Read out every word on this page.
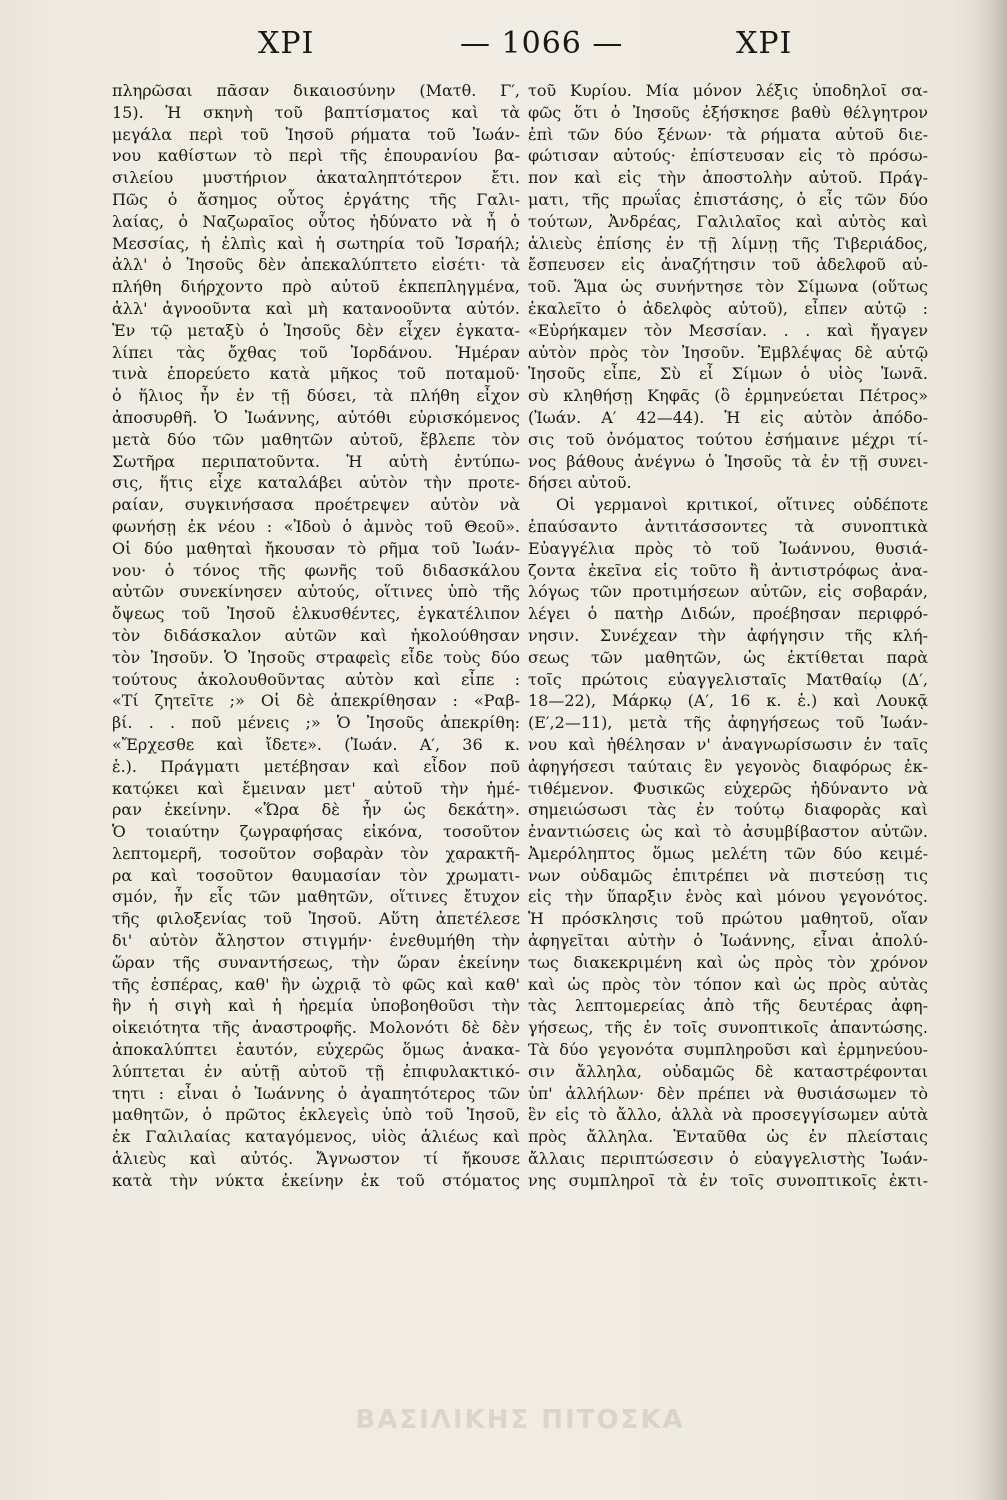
ΧΡΙ	— 1066 —	ΧΡΙ
πληρῶσαι πᾶσαν δικαιοσύνην (Ματθ. Γ′,
15). Ἡ σκηνὴ τοῦ βαπτίσματος καὶ τὰ
μεγάλα περὶ τοῦ Ἰησοῦ ρήματα τοῦ Ἰωάν-
νου καθίστων τὸ περὶ τῆς ἐπουρανίου βα-
σιλείου μυστήριον ἀκαταληπτότερον ἔτι.
Πῶς ὁ ἄσημος οὗτος ἐργάτης τῆς Γαλι-
λαίας, ὁ Ναζωραῖος οὗτος ἠδύνατο νὰ ἦ ὁ
Μεσσίας, ἡ ἐλπὶς καὶ ἡ σωτηρία τοῦ Ἰσραήλ;
ἀλλ' ὁ Ἰησοῦς δὲν ἀπεκαλύπτετο εἰσέτι· τὰ
πλήθη διήρχοντο πρὸ αὐτοῦ ἐκπεπληγμένα,
ἀλλ' ἀγνοοῦντα καὶ μὴ κατανοοῦντα αὐτόν.
Ἐν τῷ μεταξὺ ὁ Ἰησοῦς δὲν εἶχεν ἐγκατα-
λίπει τὰς ὄχθας τοῦ Ἰορδάνου. Ἡμέραν
τινὰ ἐπορεύετο κατὰ μῆκος τοῦ ποταμοῦ·
ὁ ἥλιος ἦν ἐν τῇ δύσει, τὰ πλήθη εἶχον
ἀποσυρθῆ. Ὁ Ἰωάννης, αὐτόθι εὑρισκόμενος
μετὰ δύο τῶν μαθητῶν αὐτοῦ, ἔβλεπε τὸν
Σωτῆρα περιπατοῦντα. Ἡ αὐτὴ ἐντύπω-
σις, ἥτις εἶχε καταλάβει αὐτὸν τὴν προτε-
ραίαν, συγκινήσασα προέτρεψεν αὐτὸν νὰ
φωνήσῃ ἐκ νέου : «Ἰδοὺ ὁ ἀμνὸς τοῦ Θεοῦ».
Οἱ δύο μαθηταὶ ἤκουσαν τὸ ρῆμα τοῦ Ἰωάν-
νου· ὁ τόνος τῆς φωνῆς τοῦ διδασκάλου
αὐτῶν συνεκίνησεν αὐτούς, οἵτινες ὑπὸ τῆς
ὄψεως τοῦ Ἰησοῦ ἑλκυσθέντες, ἐγκατέλιπον
τὸν διδάσκαλον αὐτῶν καὶ ἠκολούθησαν
τὸν Ἰησοῦν. Ὁ Ἰησοῦς στραφεὶς εἶδε τοὺς δύο
τούτους ἀκολουθοῦντας αὐτὸν καὶ εἶπε :
«Τί ζητεῖτε ;» Οἱ δὲ ἀπεκρίθησαν : «Ραβ-
βί. . . ποῦ μένεις ;» Ὁ Ἰησοῦς ἀπεκρίθη:
«Ἔρχεσθε καὶ ἴδετε». (Ἰωάν. Α′, 36 κ.
ἑ.). Πράγματι μετέβησαν καὶ εἶδον ποῦ
κατῴκει καὶ ἔμειναν μετ' αὐτοῦ τὴν ἡμέ-
ραν ἐκείνην. «Ὥρα δὲ ἦν ὡς δεκάτη».
Ὁ τοιαύτην ζωγραφήσας εἰκόνα, τοσοῦτον
λεπτομερῆ, τοσοῦτον σοβαρὰν τὸν χαρακτῆ-
ρα καὶ τοσοῦτον θαυμασίαν τὸν χρωματι-
σμόν, ἦν εἷς τῶν μαθητῶν, οἵτινες ἔτυχον
τῆς φιλοξενίας τοῦ Ἰησοῦ. Αὕτη ἀπετέλεσε
δι' αὐτὸν ἄληστον στιγμήν· ἐνεθυμήθη τὴν
ὥραν τῆς συναντήσεως, τὴν ὥραν ἐκείνην
τῆς ἑσπέρας, καθ' ἣν ὠχριᾷ τὸ φῶς καὶ καθ'
ἣν ἡ σιγὴ καὶ ἡ ἠρεμία ὑποβοηθοῦσι τὴν
οἰκειότητα τῆς ἀναστροφῆς. Μολονότι δὲ δὲν
ἀποκαλύπτει ἑαυτόν, εὐχερῶς ὅμως ἀνακα-
λύπτεται ἐν αὐτῇ αὐτοῦ τῇ ἐπιφυλακτικό-
τητι : εἶναι ὁ Ἰωάννης ὁ ἀγαπητότερος τῶν
μαθητῶν, ὁ πρῶτος ἐκλεγεὶς ὑπὸ τοῦ Ἰησοῦ,
ἐκ Γαλιλαίας καταγόμενος, υἱὸς ἁλιέως καὶ
ἁλιεὺς καὶ αὐτός. Ἄγνωστον τί ἤκουσε
κατὰ τὴν νύκτα ἐκείνην ἐκ τοῦ στόματος
τοῦ Κυρίου. Μία μόνον λέξις ὑποδηλοῖ σα-
φῶς ὅτι ὁ Ἰησοῦς ἐξήσκησε βαθὺ θέλγητρον
ἐπὶ τῶν δύο ξένων· τὰ ρήματα αὐτοῦ διε-
φώτισαν αὐτούς· ἐπίστευσαν εἰς τὸ πρόσω-
πον καὶ εἰς τὴν ἀποστολὴν αὐτοῦ. Πράγ-
ματι, τῆς πρωΐας ἐπιστάσης, ὁ εἷς τῶν δύο
τούτων, Ἀνδρέας, Γαλιλαῖος καὶ αὐτὸς καὶ
ἁλιεὺς ἐπίσης ἐν τῇ λίμνῃ τῆς Τιβεριάδος,
ἔσπευσεν εἰς ἀναζήτησιν τοῦ ἀδελφοῦ αὐ-
τοῦ. Ἅμα ὡς συνήντησε τὸν Σίμωνα (οὕτως
ἐκαλεῖτο ὁ ἀδελφὸς αὐτοῦ), εἶπεν αὐτῷ :
«Εὑρήκαμεν τὸν Μεσσίαν. . . καὶ ἤγαγεν
αὐτὸν πρὸς τὸν Ἰησοῦν. Ἐμβλέψας δὲ αὐτῷ
Ἰησοῦς εἶπε, Σὺ εἶ Σίμων ὁ υἱὸς Ἰωνᾶ.
σὺ κληθήσῃ Κηφᾶς (ὃ ἑρμηνεύεται Πέτρος»
(Ἰωάν. Α′ 42—44). Ἡ εἰς αὐτὸν ἀπόδο-
σις τοῦ ὀνόματος τούτου ἐσήμαινε μέχρι τί-
νος βάθους ἀνέγνω ὁ Ἰησοῦς τὰ ἐν τῇ συνει-
δήσει αὐτοῦ.
Οἱ γερμανοὶ κριτικοί, οἵτινες οὐδέποτε
ἐπαύσαντο ἀντιτάσσοντες τὰ συνοπτικὰ
Εὐαγγέλια πρὸς τὸ τοῦ Ἰωάννου, θυσιά-
ζοντα ἐκεῖνα εἰς τοῦτο ἢ ἀντιστρόφως ἀνα-
λόγως τῶν προτιμήσεων αὐτῶν, εἰς σοβαράν,
λέγει ὁ πατὴρ Διδών, προέβησαν περιφρό-
νησιν. Συνέχεαν τὴν ἀφήγησιν τῆς κλή-
σεως τῶν μαθητῶν, ὡς ἐκτίθεται παρὰ
τοῖς πρώτοις εὐαγγελισταῖς Ματθαίῳ (Δ′,
18—22), Μάρκῳ (Α′, 16 κ. ἑ.) καὶ Λουκᾷ
(Ε′,2—11), μετὰ τῆς ἀφηγήσεως τοῦ Ἰωάν-
νου καὶ ἠθέλησαν ν' ἀναγνωρίσωσιν ἐν ταῖς
ἀφηγήσεσι ταύταις ἓν γεγονὸς διαφόρως ἐκ-
τιθέμενον. Φυσικῶς εὐχερῶς ἠδύναντο νὰ
σημειώσωσι τὰς ἐν τούτῳ διαφορὰς καὶ
ἐναντιώσεις ὡς καὶ τὸ ἀσυμβίβαστον αὐτῶν.
Ἀμερόληπτος ὅμως μελέτη τῶν δύο κειμέ-
νων οὐδαμῶς ἐπιτρέπει νὰ πιστεύσῃ τις
εἰς τὴν ὕπαρξιν ἑνὸς καὶ μόνου γεγονότος.
Ἡ πρόσκλησις τοῦ πρώτου μαθητοῦ, οἵαν
ἀφηγεῖται αὐτὴν ὁ Ἰωάννης, εἶναι ἀπολύ-
τως διακεκριμένη καὶ ὡς πρὸς τὸν χρόνον
καὶ ὡς πρὸς τὸν τόπον καὶ ὡς πρὸς αὐτὰς
τὰς λεπτομερείας ἀπὸ τῆς δευτέρας ἀφη-
γήσεως, τῆς ἐν τοῖς συνοπτικοῖς ἀπαντώσης.
Τὰ δύο γεγονότα συμπληροῦσι καὶ ἑρμηνεύου-
σιν ἄλληλα, οὐδαμῶς δὲ καταστρέφονται
ὑπ' ἀλλήλων· δὲν πρέπει νὰ θυσιάσωμεν τὸ
ἓν εἰς τὸ ἄλλο, ἀλλὰ νὰ προσεγγίσωμεν αὐτὰ
πρὸς ἄλληλα. Ἐνταῦθα ὡς ἐν πλείσταις
ἄλλαις περιπτώσεσιν ὁ εὐαγγελιστὴς Ἰωάν-
νης συμπληροῖ τὰ ἐν τοῖς συνοπτικοῖς ἐκτι-
ΒΑΣΙΛΙΚΗΣ ΠΙΤΟΣΚΑ
